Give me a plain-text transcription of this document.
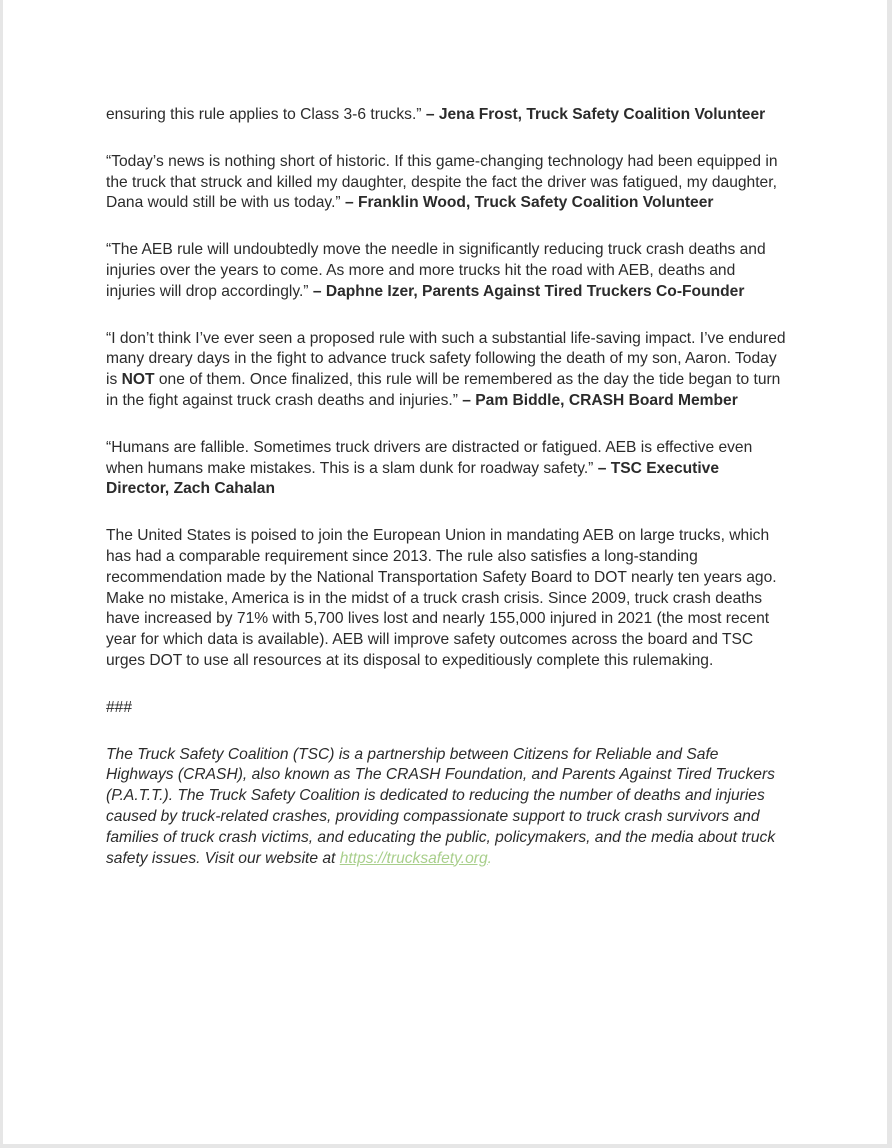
ensuring this rule applies to Class 3-6 trucks.” – Jena Frost, Truck Safety Coalition Volunteer

“Today’s news is nothing short of historic. If this game-changing technology had been equipped in the truck that struck and killed my daughter, despite the fact the driver was fatigued, my daughter, Dana would still be with us today.” – Franklin Wood, Truck Safety Coalition Volunteer

“The AEB rule will undoubtedly move the needle in significantly reducing truck crash deaths and injuries over the years to come. As more and more trucks hit the road with AEB, deaths and injuries will drop accordingly.” – Daphne Izer, Parents Against Tired Truckers Co-Founder

“I don’t think I’ve ever seen a proposed rule with such a substantial life-saving impact. I’ve endured many dreary days in the fight to advance truck safety following the death of my son, Aaron. Today is NOT one of them. Once finalized, this rule will be remembered as the day the tide began to turn in the fight against truck crash deaths and injuries.” – Pam Biddle, CRASH Board Member

“Humans are fallible. Sometimes truck drivers are distracted or fatigued. AEB is effective even when humans make mistakes. This is a slam dunk for roadway safety.” – TSC Executive Director, Zach Cahalan

The United States is poised to join the European Union in mandating AEB on large trucks, which has had a comparable requirement since 2013. The rule also satisfies a long-standing recommendation made by the National Transportation Safety Board to DOT nearly ten years ago. Make no mistake, America is in the midst of a truck crash crisis. Since 2009, truck crash deaths have increased by 71% with 5,700 lives lost and nearly 155,000 injured in 2021 (the most recent year for which data is available). AEB will improve safety outcomes across the board and TSC urges DOT to use all resources at its disposal to expeditiously complete this rulemaking.

###

The Truck Safety Coalition (TSC) is a partnership between Citizens for Reliable and Safe Highways (CRASH), also known as The CRASH Foundation, and Parents Against Tired Truckers (P.A.T.T.). The Truck Safety Coalition is dedicated to reducing the number of deaths and injuries caused by truck-related crashes, providing compassionate support to truck crash survivors and families of truck crash victims, and educating the public, policymakers, and the media about truck safety issues. Visit our website at https://trucksafety.org.
